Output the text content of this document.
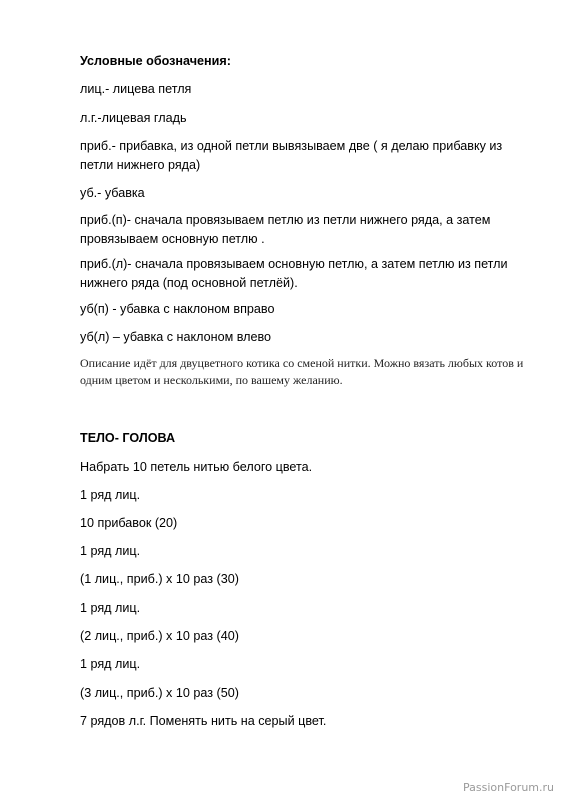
Условные обозначения:
лиц.- лицева петля
л.г.-лицевая гладь
приб.- прибавка, из одной петли вывязываем две ( я делаю прибавку из петли нижнего ряда)
уб.- убавка
приб.(п)- сначала провязываем петлю из петли нижнего ряда, а затем провязываем основную петлю .
приб.(л)- сначала провязываем основную петлю, а затем петлю из петли нижнего ряда (под основной петлёй).
уб(п) - убавка с наклоном вправо
уб(л) – убавка с наклоном влево
Описание идёт для двуцветного котика со сменой нитки. Можно вязать любых котов и одним цветом и несколькими, по вашему желанию.
ТЕЛО- ГОЛОВА
Набрать 10 петель нитью белого цвета.
1 ряд лиц.
10 прибавок (20)
1 ряд лиц.
(1 лиц., приб.) х 10 раз (30)
1 ряд лиц.
(2 лиц., приб.) х 10 раз (40)
1 ряд лиц.
(3 лиц., приб.) х 10 раз (50)
7 рядов л.г. Поменять нить на серый цвет.
PassionForum.ru
